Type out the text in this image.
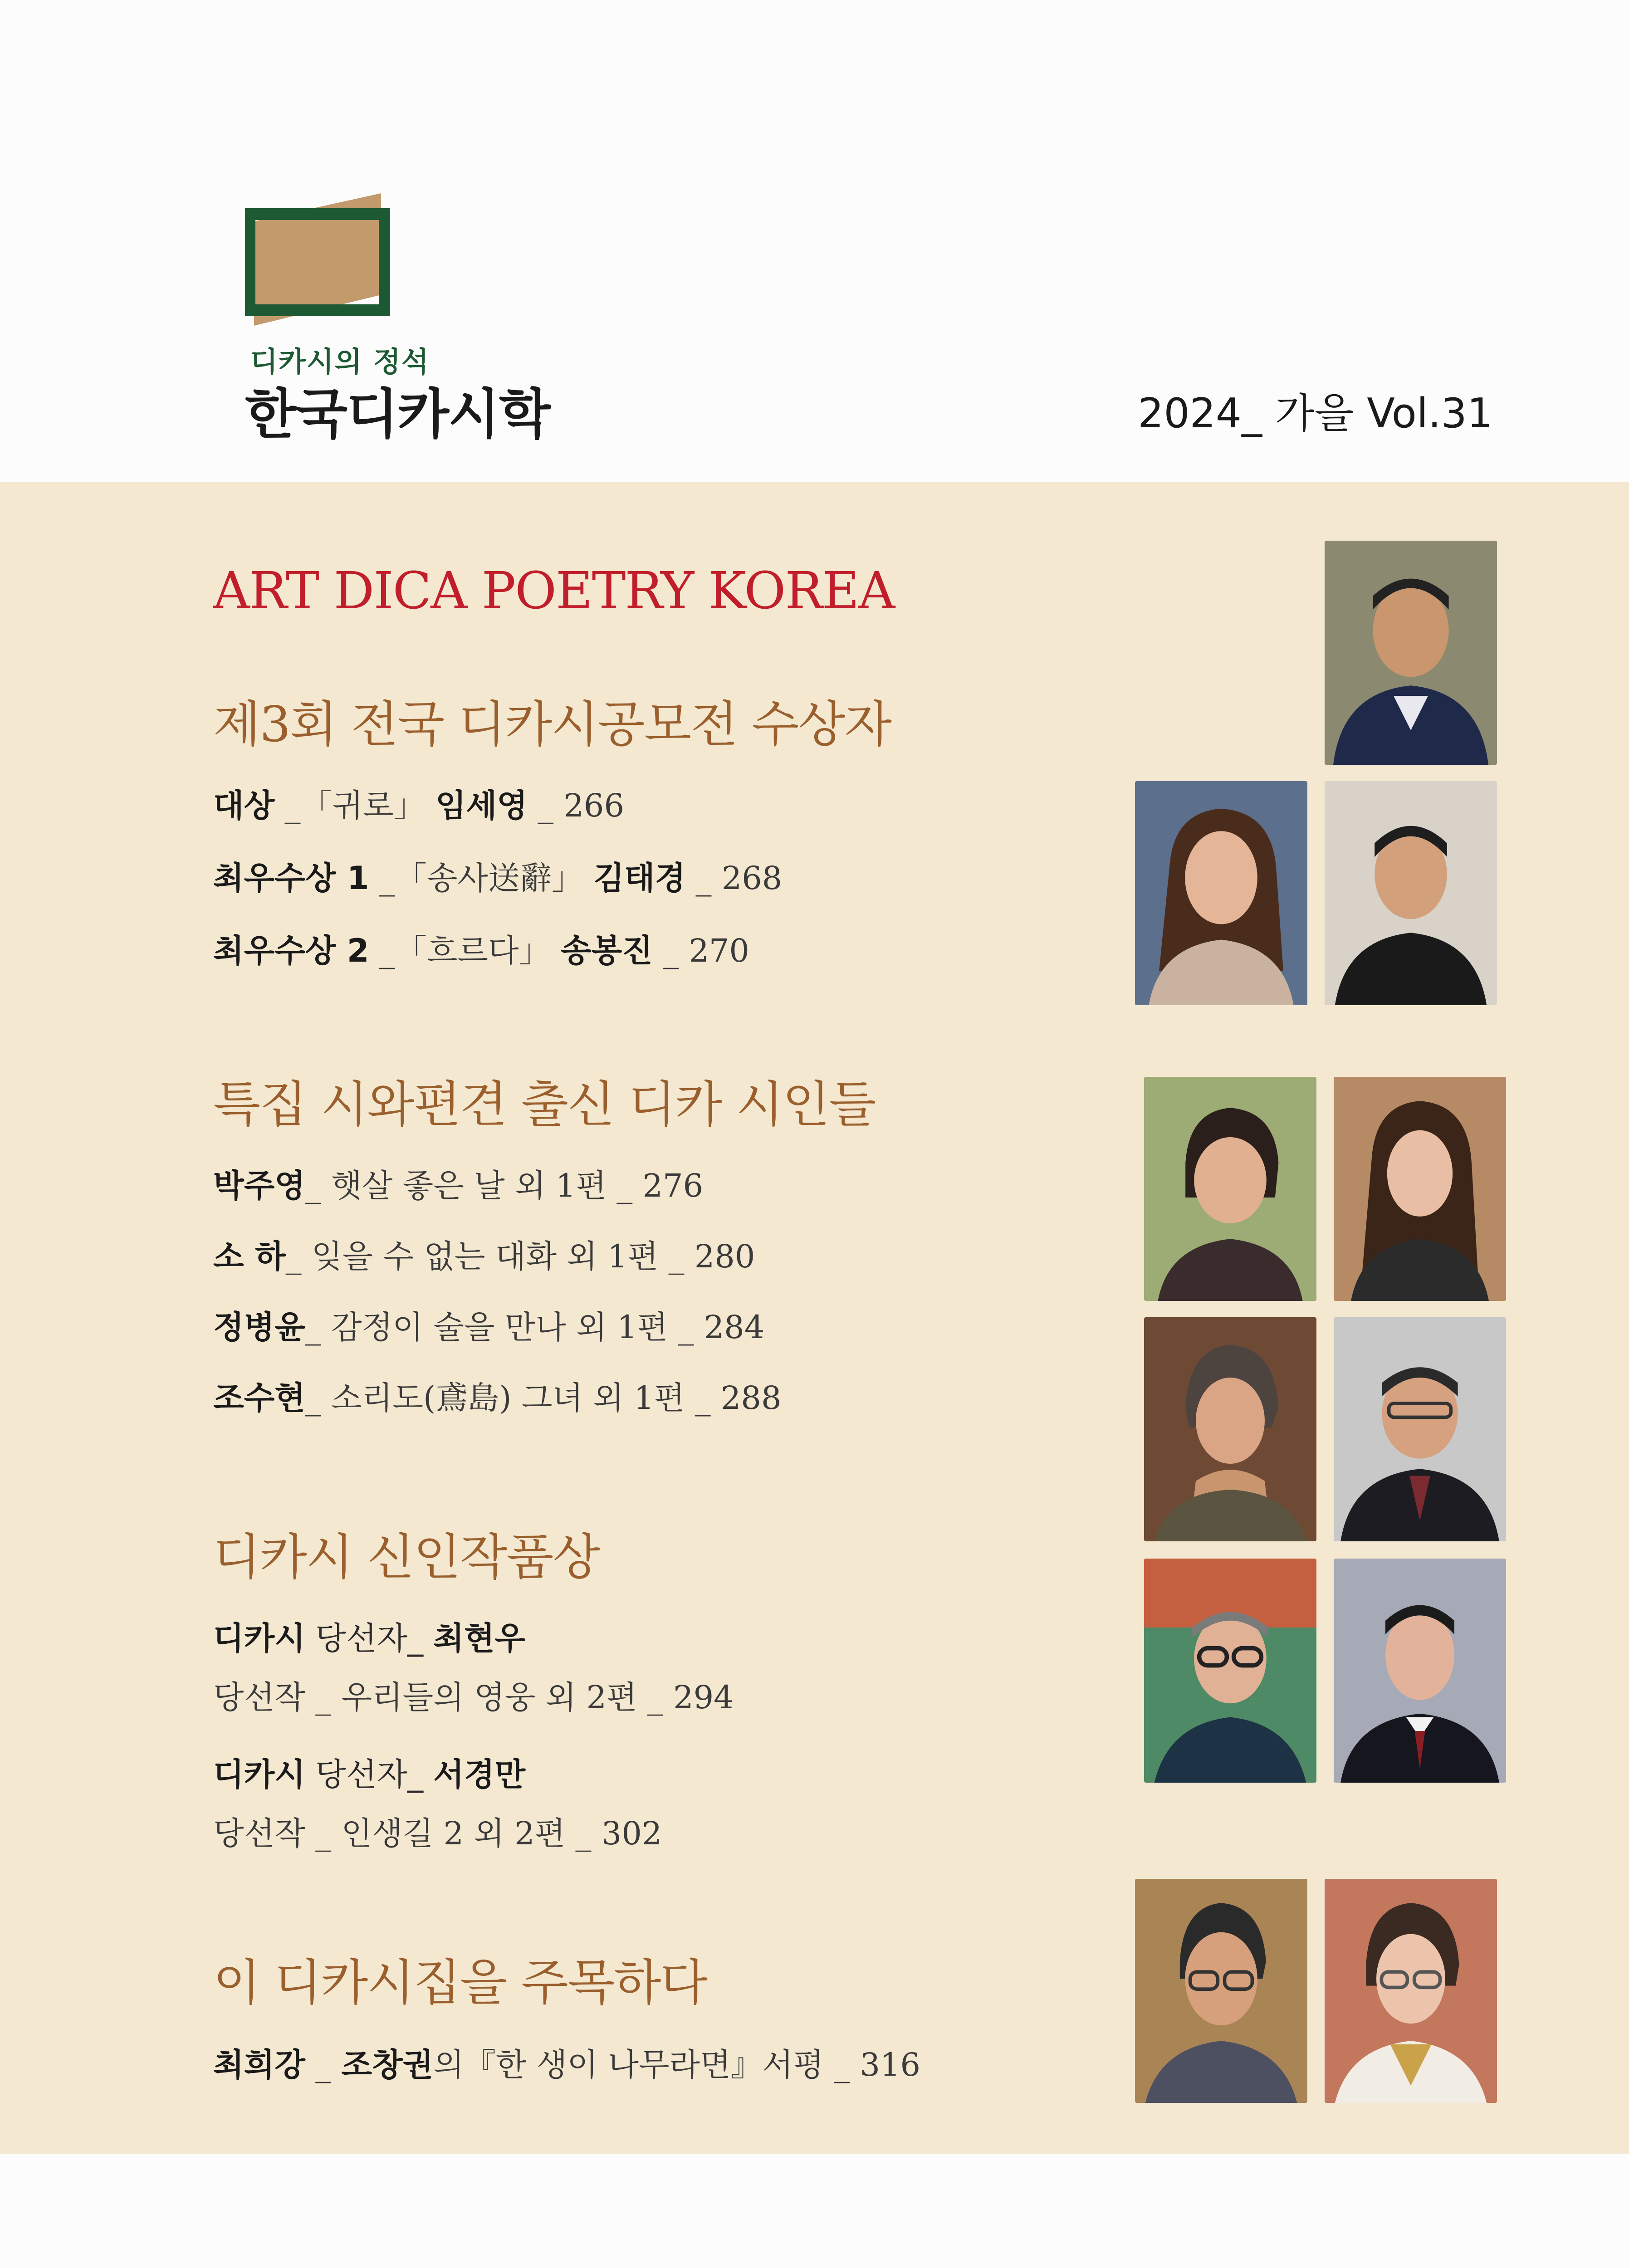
디카시의 정석
한국디카시학	2024_ 가을 Vol.31
ART DICA POETRY KOREA
제3회 전국 디카시공모전 수상자
대상 _「귀로」 임세영 _ 266
최우수상 1 _「송사送辭」 김태경 _ 268
최우수상 2 _「흐르다」 송봉진 _ 270
특집 시와편견 출신 디카 시인들
박주영_ 햇살 좋은 날 외 1편 _ 276
소 하_ 잊을 수 없는 대화 외 1편 _ 280
정병윤_ 감정이 술을 만나 외 1편 _ 284
조수현_ 소리도(鳶島) 그녀 외 1편 _ 288
디카시 신인작품상
디카시 당선자_ 최현우
당선작 _ 우리들의 영웅 외 2편 _ 294
디카시 당선자_ 서경만
당선작 _ 인생길 2 외 2편 _ 302
이 디카시집을 주목하다
최희강 _ 조창권의『한 생이 나무라면』서평 _ 316
